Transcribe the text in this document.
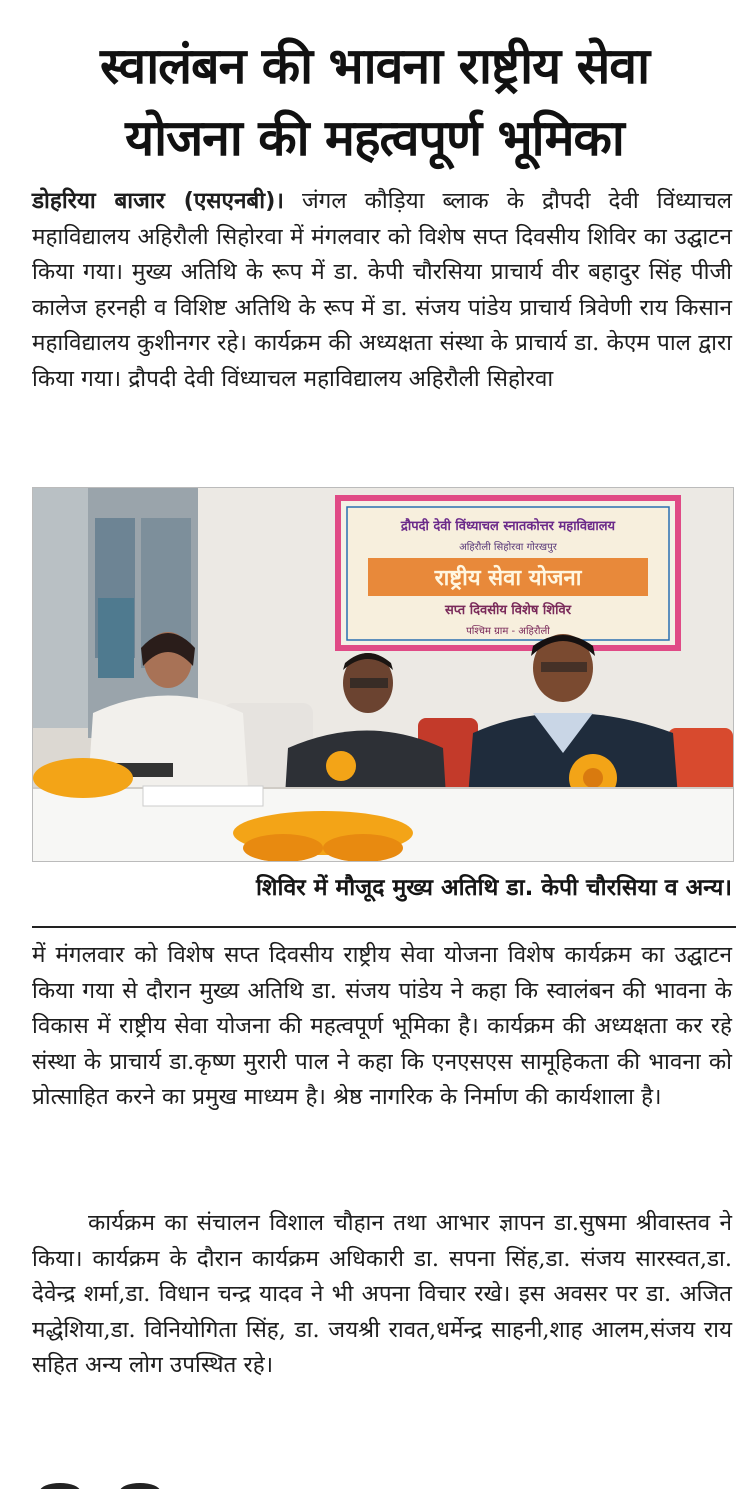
स्वालंबन की भावना राष्ट्रीय सेवा
योजना की महत्वपूर्ण भूमिका
डोहरिया बाजार (एसएनबी)। जंगल कौड़िया ब्लाक के द्रौपदी देवी विंध्याचल महाविद्यालय अहिरौली सिहोरवा में मंगलवार को विशेष सप्त दिवसीय शिविर का उद्घाटन किया गया। मुख्य अतिथि के रूप में डा. केपी चौरसिया प्राचार्य वीर बहादुर सिंह पीजी कालेज हरनही व विशिष्ट अतिथि के रूप में डा. संजय पांडेय प्राचार्य त्रिवेणी राय किसान महाविद्यालय कुशीनगर रहे। कार्यक्रम की अध्यक्षता संस्था के प्राचार्य डा. केएम पाल द्वारा किया गया। द्रौपदी देवी विंध्याचल महाविद्यालय अहिरौली सिहोरवा
द्रौपदी देवी विंध्याचल स्नातकोत्तर महाविद्यालय
अहिरौली सिहोरवा गोरखपुर
राष्ट्रीय सेवा योजना
सप्त दिवसीय विशेष शिविर
पश्चिम ग्राम - अहिरौली
शिविर में मौजूद मुख्य अतिथि डा. केपी चौरसिया व अन्य।
में मंगलवार को विशेष सप्त दिवसीय राष्ट्रीय सेवा योजना विशेष कार्यक्रम का उद्घाटन किया गया से दौरान मुख्य अतिथि डा. संजय पांडेय ने कहा कि स्वालंबन की भावना के विकास में राष्ट्रीय सेवा योजना की महत्वपूर्ण भूमिका है। कार्यक्रम की अध्यक्षता कर रहे संस्था के प्राचार्य डा.कृष्ण मुरारी पाल ने कहा कि एनएसएस सामूहिकता की भावना को प्रोत्साहित करने का प्रमुख माध्यम है। श्रेष्ठ नागरिक के निर्माण की कार्यशाला है।
कार्यक्रम का संचालन विशाल चौहान तथा आभार ज्ञापन डा.सुषमा श्रीवास्तव ने किया। कार्यक्रम के दौरान कार्यक्रम अधिकारी डा. सपना सिंह,डा. संजय सारस्वत,डा. देवेन्द्र शर्मा,डा. विधान चन्द्र यादव ने भी अपना विचार रखे। इस अवसर पर डा. अजित मद्धेशिया,डा. विनियोगिता सिंह, डा. जयश्री रावत,धर्मेन्द्र साहनी,शाह आलम,संजय राय सहित अन्य लोग उपस्थित रहे।
